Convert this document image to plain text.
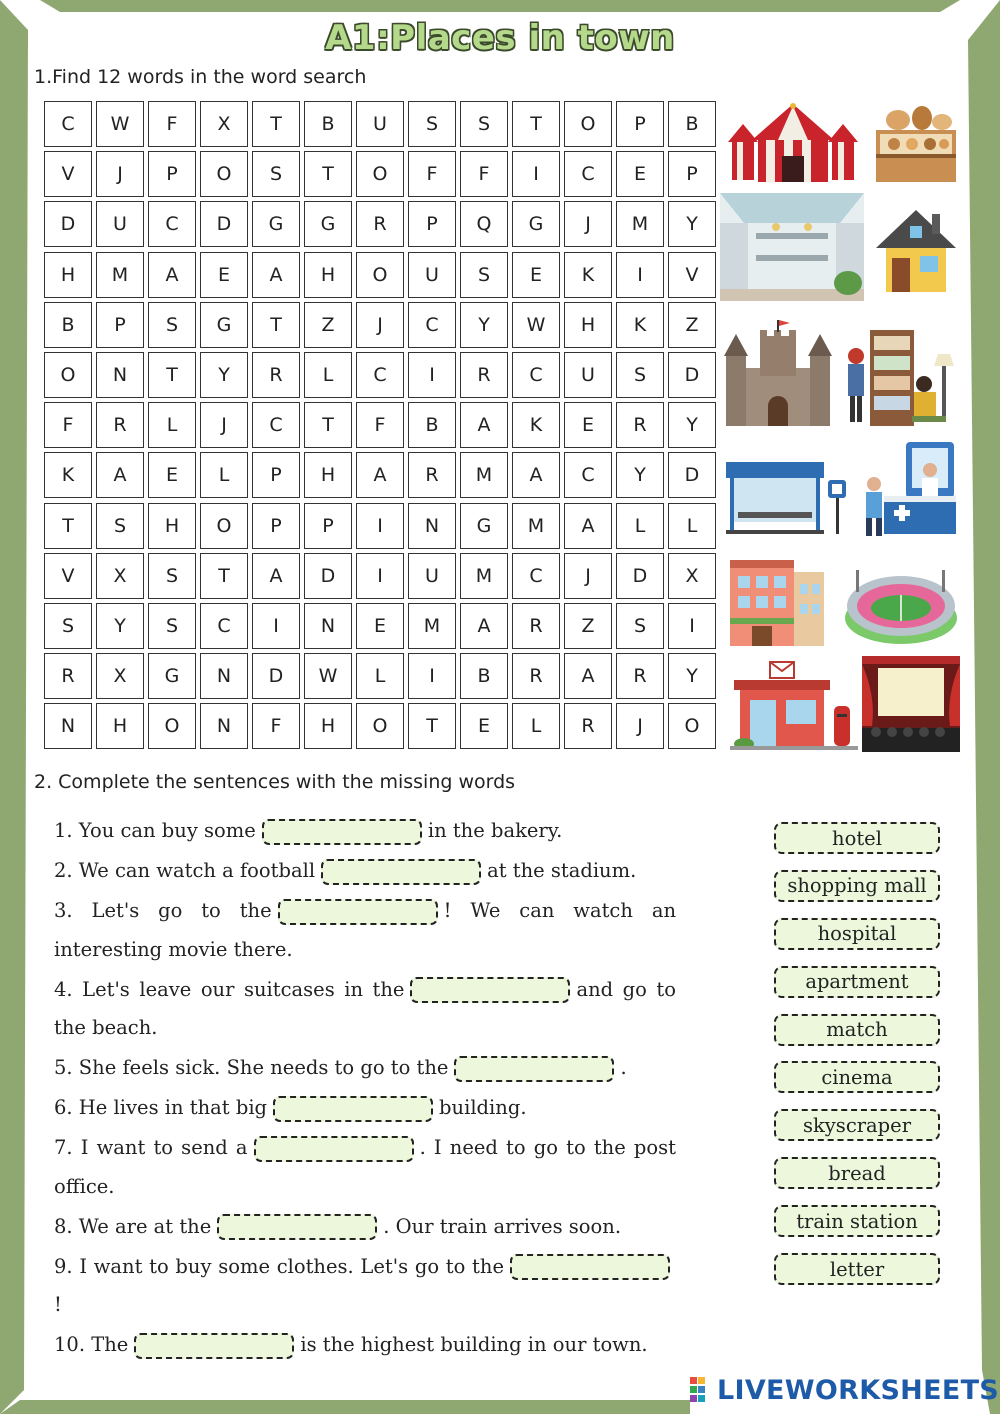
A1:Places in town
1.Find 12 words in the word search
C	W	F	X	T	B	U	S	S	T	O	P	B
V	J	P	O	S	T	O	F	F	I	C	E	P
D	U	C	D	G	G	R	P	Q	G	J	M	Y
H	M	A	E	A	H	O	U	S	E	K	I	V
B	P	S	G	T	Z	J	C	Y	W	H	K	Z
O	N	T	Y	R	L	C	I	R	C	U	S	D
F	R	L	J	C	T	F	B	A	K	E	R	Y
K	A	E	L	P	H	A	R	M	A	C	Y	D
T	S	H	O	P	P	I	N	G	M	A	L	L
V	X	S	T	A	D	I	U	M	C	J	D	X
S	Y	S	C	I	N	E	M	A	R	Z	S	I
R	X	G	N	D	W	L	I	B	R	A	R	Y
N	H	O	N	F	H	O	T	E	L	R	J	O
2. Complete the sentences with the missing words

1. You can buy some	in the bakery.

2. We can watch a football	at the stadium.

3. Let's go to the	! We can watch an interesting movie there.

4. Let's leave our suitcases in the	and go to the beach.

5. She feels sick. She needs to go to the	.

6. He lives in that big	building.

7. I want to send a	. I need to go to the post office.

8. We are at the	. Our train arrives soon.

9. I want to buy some clothes. Let's go to the!

10. The	is the highest building in our town.

hotel
shopping mall
hospital
apartment
match
cinema
skyscraper
bread
train station
letter
LIVEWORKSHEETS
